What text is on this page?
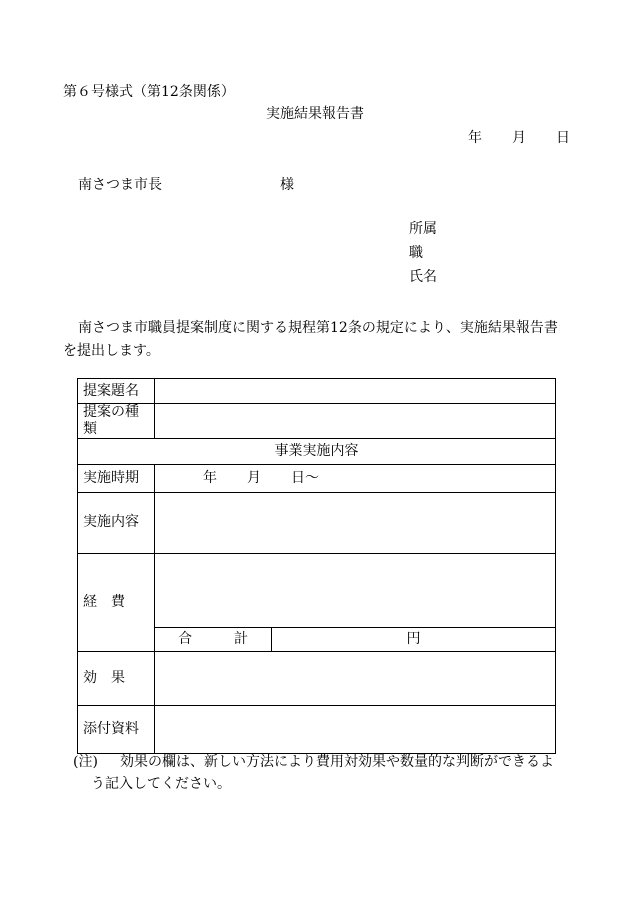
第６号様式（第12条関係）
実施結果報告書
年 月 日
南さつま市長	様
所属
職
氏名
南さつま市職員提案制度に関する規程第12条の規定により、実施結果報告書
を提出します。
提案題名		
提案の種類		
事業実施内容		
実施時期	年 月 日～	
実施内容		
経　費		
	合　　　計	円
効　果		
添付資料		
(注)	効果の欄は、新しい方法により費用対効果や数量的な判断ができるよ
う記入してください。
